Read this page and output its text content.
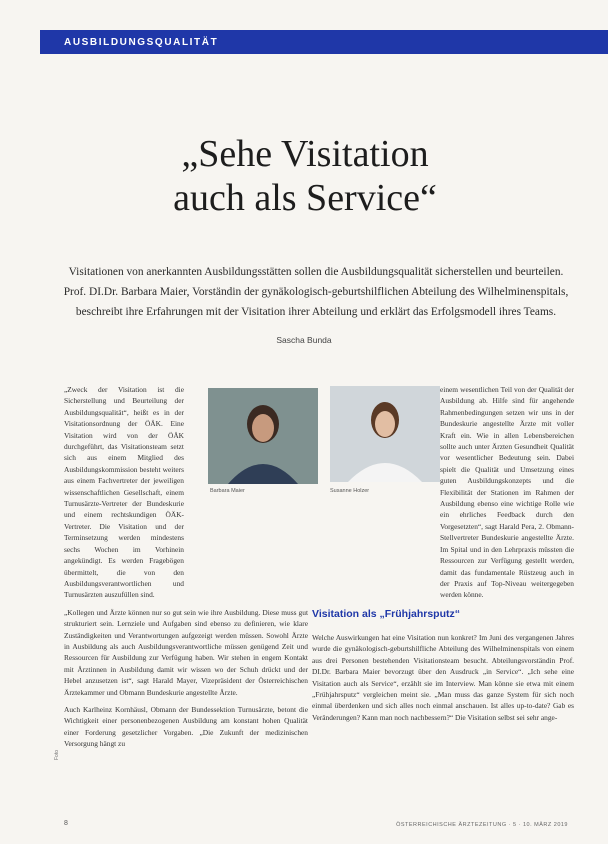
AUSBILDUNGSQUALITÄT
„Sehe Visitation
auch als Service“
Visitationen von anerkannten Ausbildungsstätten sollen die Ausbildungsqualität sicherstellen und beurteilen. Prof. DI.Dr. Barbara Maier, Vorständin der gynäkologisch-geburtshilflichen Abteilung des Wilhelminenspitals, beschreibt ihre Erfahrungen mit der Visitation ihrer Abteilung und erklärt das Erfolgsmodell ihres Teams.
Sascha Bunda
Barbara Maier	Susanne Holzer

„Zweck der Visitation ist die Sicherstellung und Beurteilung der Ausbildungsqualität“, heißt es in der Visitationsordnung der ÖÄK. Eine Visitation wird von der ÖÄK durchgeführt, das Visitationsteam setzt sich aus einem Mitglied des Ausbildungskommission besteht weiters aus einem Fachvertreter der jeweiligen wissenschaftlichen Gesellschaft, einem Turnusärzte-Vertreter der Bundeskurie und einem rechtskundigen ÖÄK-Vertreter. Die Visitation und der Terminsetzung werden mindestens sechs Wochen im Vorhinein angekündigt. Es werden Fragebögen übermittelt, die von den Ausbildungsverantwortlichen und Turnusärzten auszufüllen sind.

„Kollegen und Ärzte können nur so gut sein wie ihre Ausbildung. Diese muss gut strukturiert sein. Lernziele und Aufgaben sind ebenso zu definieren, wie klare Zuständigkeiten und Verantwortungen aufgezeigt werden müssen. Sowohl Ärzte in Ausbildung als auch Ausbildungsverantwortliche müssen genügend Zeit und Ressourcen für Ausbildung zur Verfügung haben. Wir stehen in engem Kontakt mit Ärztinnen in Ausbildung damit wir wissen wo der Schuh drückt und der Hebel anzusetzen ist“, sagt Harald Mayer, Vizepräsident der Österreichischen Ärztekammer und Obmann Bundeskurie angestellte Ärzte.

Auch Karlheinz Kornhäusl, Obmann der Bundessektion Turnusärzte, betont die Wichtigkeit einer personenbezogenen Ausbildung am konstant hohen Qualität einer Forderung gesetzlicher Vorgaben. „Die Zukunft der medizinischen Versorgung hängt zu

einem wesentlichen Teil von der Qualität der Ausbildung ab. Hilfe sind für angehende Rahmenbedingungen setzen wir uns in der Bundeskurie angestellte Ärzte mit voller Kraft ein. Wie in allen Lebensbereichen sollte auch unter Ärzten Gesundheit Qualität vor wesentlicher Bedeutung sein. Dabei spielt die Qualität und Umsetzung eines guten Ausbildungskonzepts und die Flexibilität der Stationen im Rahmen der Ausbildung ebenso eine wichtige Rolle wie ein ehrliches Feedback durch den Vorgesetzten“, sagt Harald Pera, 2. Obmann-Stellvertreter Bundeskurie angestellte Ärzte. Im Spital und in den Lehrpraxis müssten die Ressourcen zur Verfügung gestellt werden, damit das fundamentale Rüstzeug auch in der Praxis auf Top-Niveau weitergegeben werden könne.

Visitation als „Frühjahrsputz“

Welche Auswirkungen hat eine Visitation nun konkret? Im Juni des vergangenen Jahres wurde die gynäkologisch-geburtshilfliche Abteilung des Wilhelminenspitals von einem aus drei Personen bestehenden Visitationsteam besucht. Abteilungsvorständin Prof. DI.Dr. Barbara Maier bevorzugt über den Ausdruck „in Service“. „Ich sehe eine Visitation auch als Service“, erzählt sie im Interview. Man könne sie etwa mit einem „Frühjahrsputz“ vergleichen meint sie. „Man muss das ganze System für sich noch einmal überdenken und sich alles noch einmal anschauen. Ist alles up-to-date? Gab es Veränderungen? Kann man noch nachbessern?“ Die Visitation selbst sei sehr ange-

Foto
8	ÖSTERREICHISCHE ÄRZTEZEITUNG · 5 · 10. MÄRZ 2019
